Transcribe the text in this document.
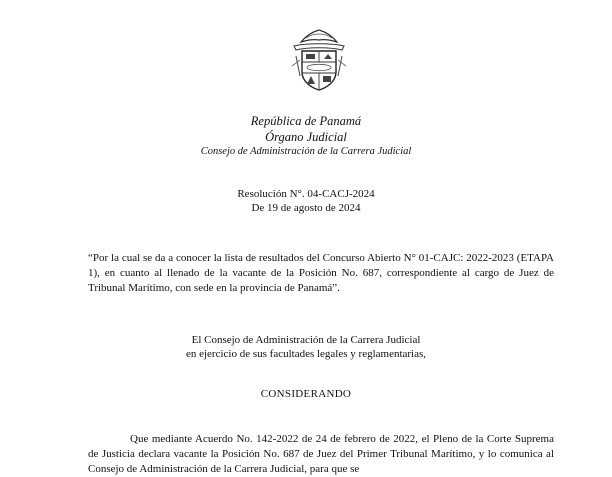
República de Panamá
Órgano Judicial
Consejo de Administración de la Carrera Judicial
Resolución N°. 04-CACJ-2024
De 19 de agosto de 2024
“Por la cual se da a conocer la lista de resultados del Concurso Abierto N° 01-CAJC: 2022-2023 (ETAPA 1), en cuanto al llenado de la vacante de la Posición No. 687, correspondiente al cargo de Juez de Tribunal Marítimo, con sede en la provincia de Panamá”.
El Consejo de Administración de la Carrera Judicial
en ejercicio de sus facultades legales y reglamentarias,
CONSIDERANDO
Que mediante Acuerdo No. 142-2022 de 24 de febrero de 2022, el Pleno de la Corte Suprema de Justicia declara vacante la Posición No. 687 de Juez del Primer Tribunal Marítimo, y lo comunica al Consejo de Administración de la Carrera Judicial, para que se
